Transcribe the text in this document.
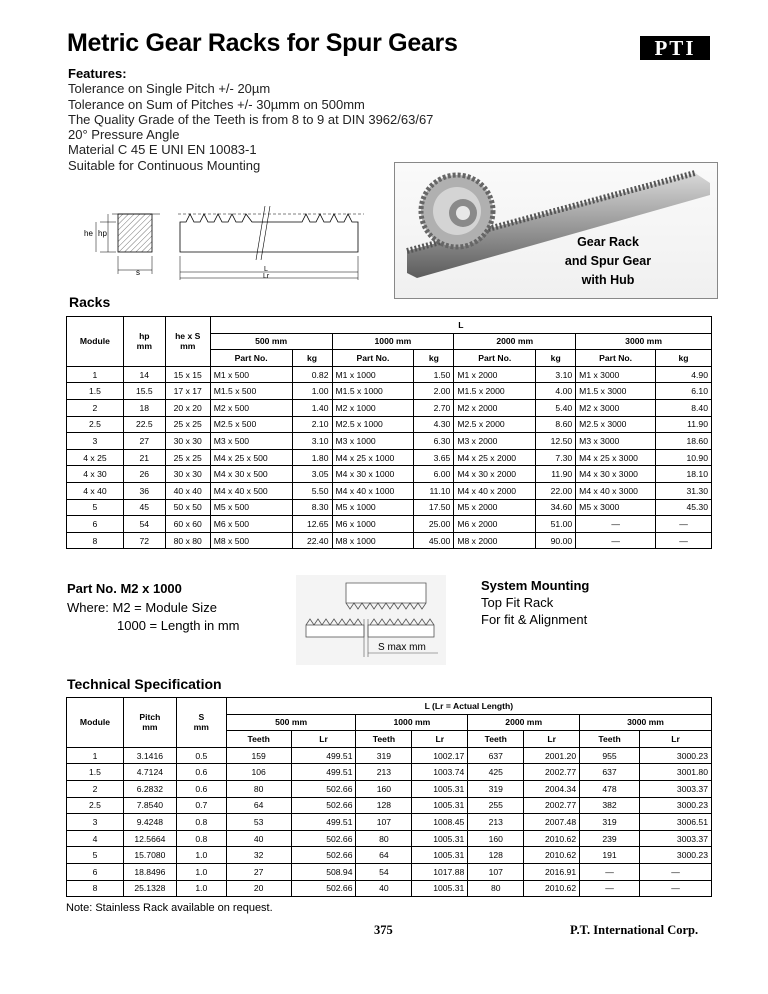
Metric Gear Racks for Spur Gears	PTI
Features:
Tolerance on Single Pitch +/- 20µm
Tolerance on Sum of Pitches +/- 30µmm on 500mm
The Quality Grade of the Teeth is from 8 to 9 at DIN 3962/63/67
20° Pressure Angle
Material C 45 E UNI EN 10083-1
Suitable for Continuous Mounting
he hp
s	L
Lr
Gear Rack
and Spur Gear
with Hub
Racks
Module	hp
mm	he x S
mm	L							
			500 mm		1000 mm		2000 mm		3000 mm	
			Part No.	kg	Part No.	kg	Part No.	kg	Part No.	kg
1	14	15 x 15	M1 x 500	0.82	M1 x 1000	1.50	M1 x 2000	3.10	M1 x 3000	4.90
1.5	15.5	17 x 17	M1.5 x 500	1.00	M1.5 x 1000	2.00	M1.5 x 2000	4.00	M1.5 x 3000	6.10
2	18	20 x 20	M2 x 500	1.40	M2 x 1000	2.70	M2 x 2000	5.40	M2 x 3000	8.40
2.5	22.5	25 x 25	M2.5 x 500	2.10	M2.5 x 1000	4.30	M2.5 x 2000	8.60	M2.5 x 3000	11.90
3	27	30 x 30	M3 x 500	3.10	M3 x 1000	6.30	M3 x 2000	12.50	M3 x 3000	18.60
4 x 25	21	25 x 25	M4 x 25 x 500	1.80	M4 x 25 x 1000	3.65	M4 x 25 x 2000	7.30	M4 x 25 x 3000	10.90
4 x 30	26	30 x 30	M4 x 30 x 500	3.05	M4 x 30 x 1000	6.00	M4 x 30 x 2000	11.90	M4 x 30 x 3000	18.10
4 x 40	36	40 x 40	M4 x 40 x 500	5.50	M4 x 40 x 1000	11.10	M4 x 40 x 2000	22.00	M4 x 40 x 3000	31.30
5	45	50 x 50	M5 x 500	8.30	M5 x 1000	17.50	M5 x 2000	34.60	M5 x 3000	45.30
6	54	60 x 60	M6 x 500	12.65	M6 x 1000	25.00	M6 x 2000	51.00	—	—
8	72	80 x 80	M8 x 500	22.40	M8 x 1000	45.00	M8 x 2000	90.00	—	—
Part No. M2 x 1000
Where: M2 = Module Size
1000 = Length in mm
S max mm
System Mounting
Top Fit Rack
For fit & Alignment
Technical Specification
Module	Pitch
mm	S
mm	L (Lr = Actual Length)							
			500 mm		1000 mm		2000 mm		3000 mm	
			Teeth	Lr	Teeth	Lr	Teeth	Lr	Teeth	Lr
1	3.1416	0.5	159	499.51	319	1002.17	637	2001.20	955	3000.23
1.5	4.7124	0.6	106	499.51	213	1003.74	425	2002.77	637	3001.80
2	6.2832	0.6	80	502.66	160	1005.31	319	2004.34	478	3003.37
2.5	7.8540	0.7	64	502.66	128	1005.31	255	2002.77	382	3000.23
3	9.4248	0.8	53	499.51	107	1008.45	213	2007.48	319	3006.51
4	12.5664	0.8	40	502.66	80	1005.31	160	2010.62	239	3003.37
5	15.7080	1.0	32	502.66	64	1005.31	128	2010.62	191	3000.23
6	18.8496	1.0	27	508.94	54	1017.88	107	2016.91	—	—
8	25.1328	1.0	20	502.66	40	1005.31	80	2010.62	—	—
Note: Stainless Rack available on request.
375	P.T. International Corp.
